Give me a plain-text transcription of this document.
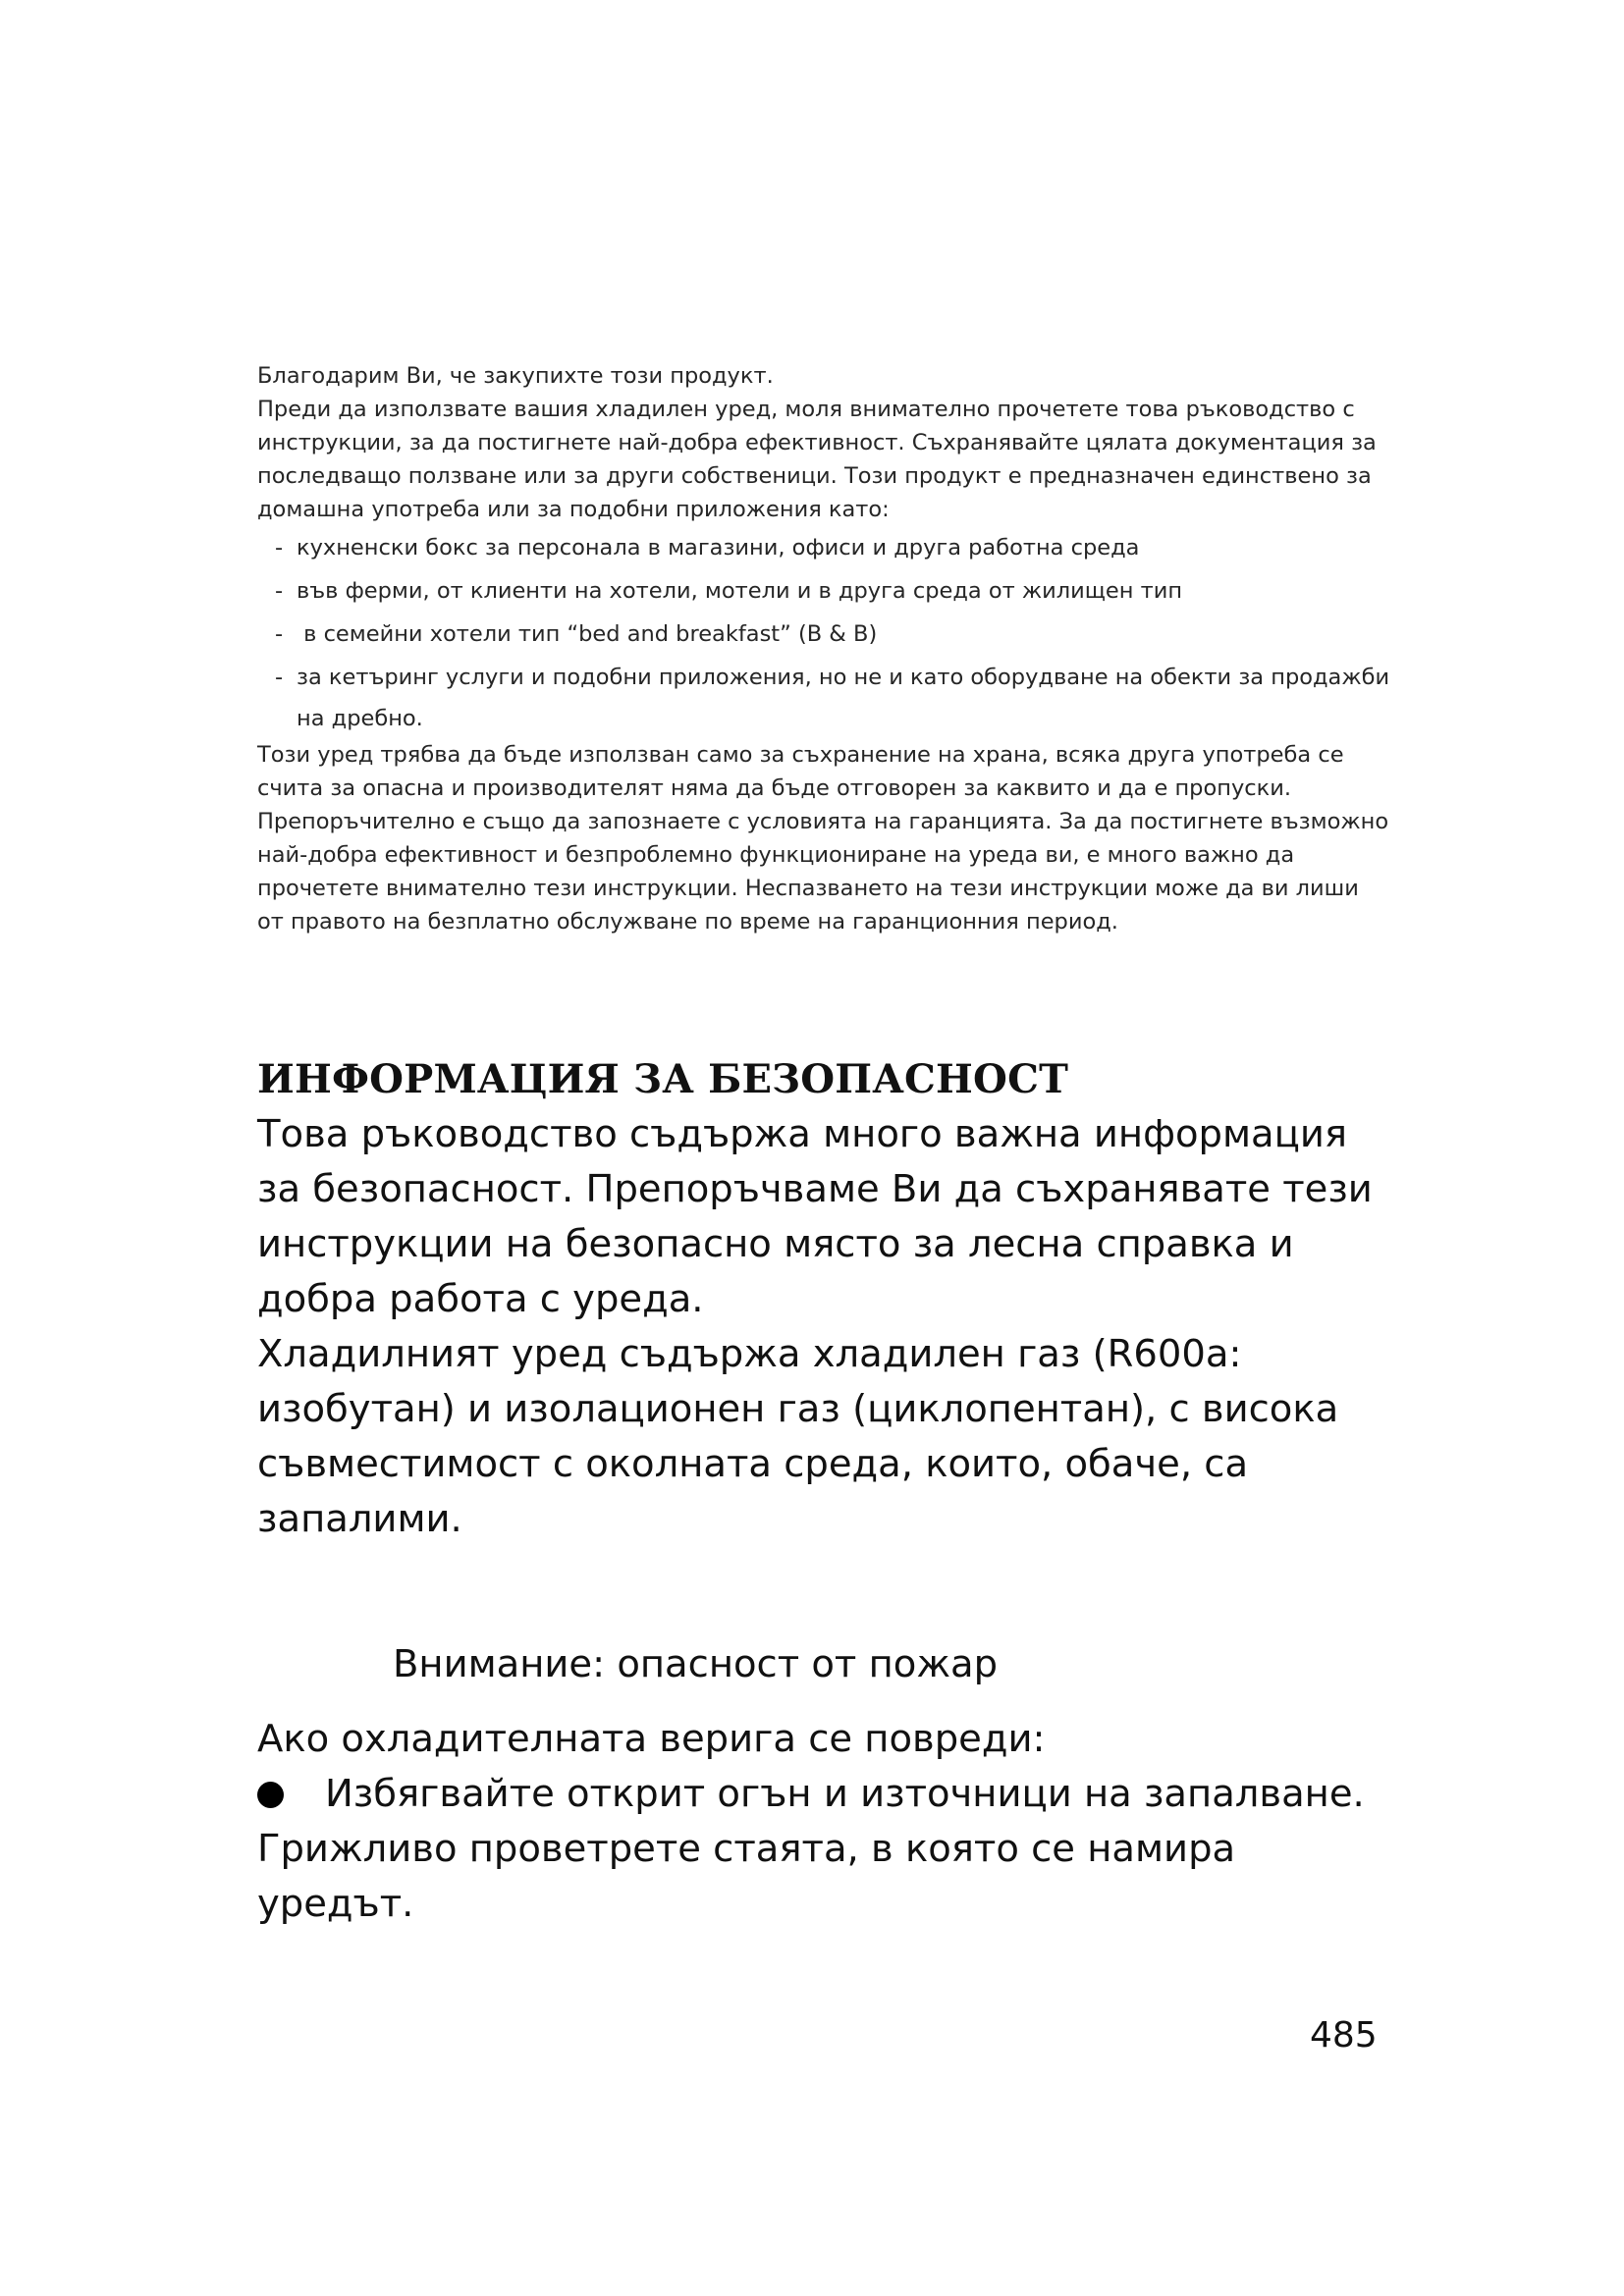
Благодарим Ви, че закупихте този продукт.

Преди да използвате вашия хладилен уред, моля внимателно прочетете това ръководство с

инструкции, за да постигнете най-добра ефективност. Съхранявайте цялата документация за

последващо ползване или за други собственици. Този продукт е предназначен единствено за

домашна употреба или за подобни приложения като:

- кухненски бокс за персонала в магазини, офиси и друга работна среда
- във ферми, от клиенти на хотели, мотели и в друга среда от жилищен тип
- в семейни хотели тип “bed and breakfast” (B & B)
- за кетъринг услуги и подобни приложения, но не и като оборудване на обекти за продажби
на дребно.

Този уред трябва да бъде използван само за съхранение на храна, всяка друга употреба се

счита за опасна и производителят няма да бъде отговорен за каквито и да е пропуски.

Препоръчително е също да запознаете с условията на гаранцията. За да постигнете възможно

най-добра ефективност и безпроблемно функциониране на уреда ви, е много важно да

прочетете внимателно тези инструкции. Неспазването на тези инструкции може да ви лиши

от правото на безплатно обслужване по време на гаранционния период.

ИНФОРМАЦИЯ ЗА БЕЗОПАСНОСТ

Това ръководство съдържа много важна информация

за безопасност. Препоръчваме Ви да съхранявате тези

инструкции на безопасно място за лесна справка и

добра работа с уреда.

Хладилният уред съдържа хладилен газ (R600a:

изобутан) и изолационен газ (циклопентан), с висока

съвместимост с околната среда, които, обаче, са

запалими.

Внимание: опасност от пожар

Ако охладителната верига се повреди:

Избягвайте открит огън и източници на запалване.

Грижливо проветрете стаята, в която се намира

уредът.

485
